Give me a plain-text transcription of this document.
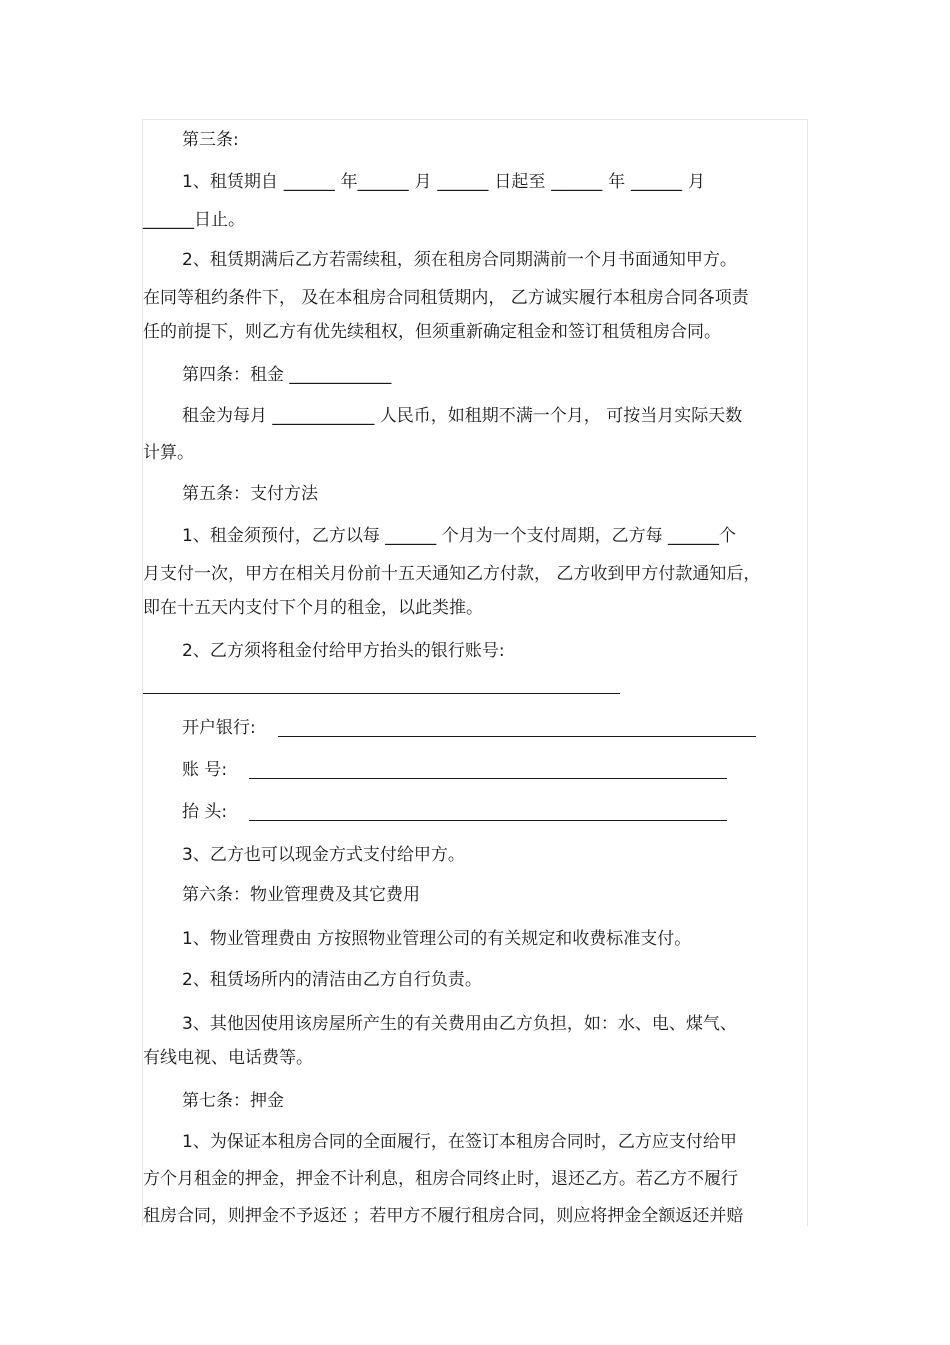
第三条:
1、租赁期自 ______ 年______ 月 ______ 日起至 ______ 年 ______ 月
______日止。
2、租赁期满后乙方若需续租，须在租房合同期满前一个月书面通知甲方。
在同等租约条件下， 及在本租房合同租赁期内， 乙方诚实履行本租房合同各项责
任的前提下，则乙方有优先续租权，但须重新确定租金和签订租赁租房合同。
第四条：租金 ____________
租金为每月 ____________ 人民币，如租期不满一个月， 可按当月实际天数
计算。
第五条：支付方法
1、租金须预付，乙方以每 ______ 个月为一个支付周期，乙方每 ______个
月支付一次，甲方在相关月份前十五天通知乙方付款， 乙方收到甲方付款通知后，
即在十五天内支付下个月的租金，以此类推。
2、乙方须将租金付给甲方抬头的银行账号:
开户银行:
账 号:
抬 头:
3、乙方也可以现金方式支付给甲方。
第六条：物业管理费及其它费用
1、物业管理费由 方按照物业管理公司的有关规定和收费标准支付。
2、租赁场所内的清洁由乙方自行负责。
3、其他因使用该房屋所产生的有关费用由乙方负担，如：水、电、煤气、
有线电视、电话费等。
第七条：押金
1、为保证本租房合同的全面履行，在签订本租房合同时，乙方应支付给甲
方个月租金的押金，押金不计利息，租房合同终止时，退还乙方。若乙方不履行
租房合同，则押金不予返还 ；若甲方不履行租房合同，则应将押金全额返还并赔
